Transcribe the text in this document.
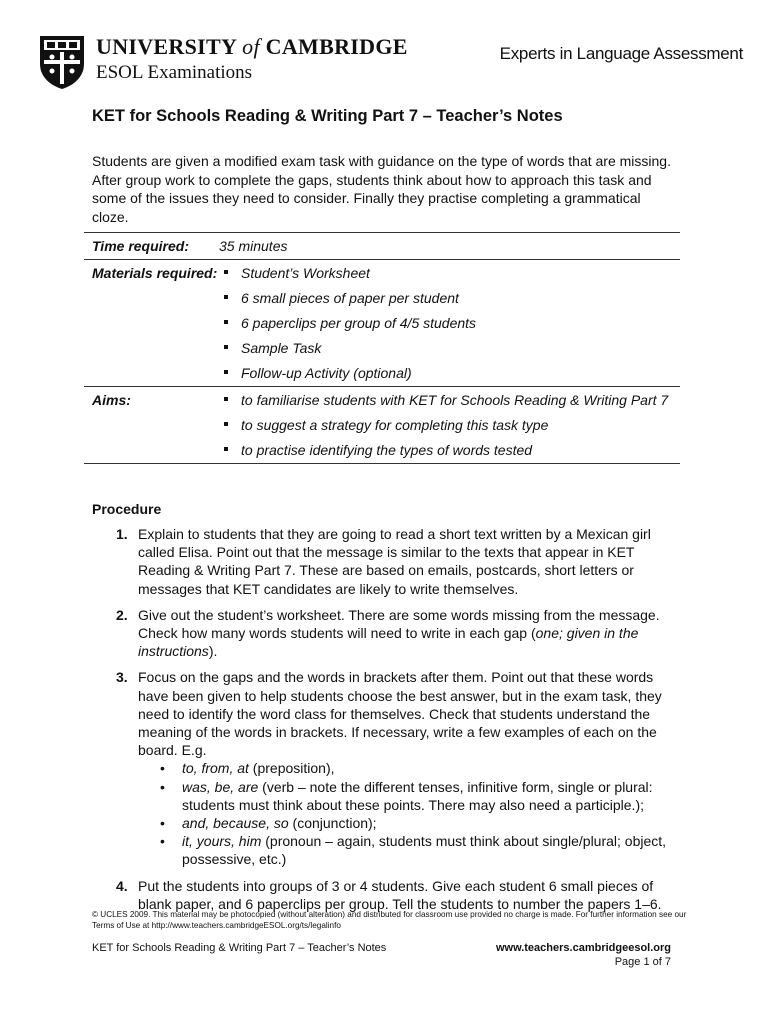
UNIVERSITY of CAMBRIDGE
ESOL Examinations
Experts in Language Assessment
KET for Schools Reading & Writing Part 7 – Teacher’s Notes
Students are given a modified exam task with guidance on the type of words that are missing. After group work to complete the gaps, students think about how to approach this task and some of the issues they need to consider. Finally they practise completing a grammatical cloze.
Time required:	35 minutes
Materials required: Student’s Worksheet
6 small pieces of paper per student
6 paperclips per group of 4/5 students
Sample Task
Follow-up Activity (optional)
Aims:	to familiarise students with KET for Schools Reading & Writing Part 7
to suggest a strategy for completing this task type
to practise identifying the types of words tested
Procedure
1. Explain to students that they are going to read a short text written by a Mexican girl called Elisa. Point out that the message is similar to the texts that appear in KET Reading & Writing Part 7. These are based on emails, postcards, short letters or messages that KET candidates are likely to write themselves.
2. Give out the student’s worksheet. There are some words missing from the message. Check how many words students will need to write in each gap (one; given in the instructions).
3. Focus on the gaps and the words in brackets after them. Point out that these words have been given to help students choose the best answer, but in the exam task, they need to identify the word class for themselves. Check that students understand the meaning of the words in brackets. If necessary, write a few examples of each on the board. E.g.
•
to, from, at (preposition),
•
was, be, are (verb – note the different tenses, infinitive form, single or plural: students must think about these points. There may also need a participle.);
•
and, because, so (conjunction);
•
it, yours, him (pronoun – again, students must think about single/plural; object, possessive, etc.)
4. Put the students into groups of 3 or 4 students. Give each student 6 small pieces of blank paper, and 6 paperclips per group. Tell the students to number the papers 1–6.
© UCLES 2009. This material may be photocopied (without alteration) and distributed for classroom use provided no charge is made. For further information see our Terms of Use at http://www.teachers.cambridgeESOL.org/ts/legalinfo
KET for Schools Reading & Writing Part 7 – Teacher’s Notes	www.teachers.cambridgeesol.org
Page 1 of 7
